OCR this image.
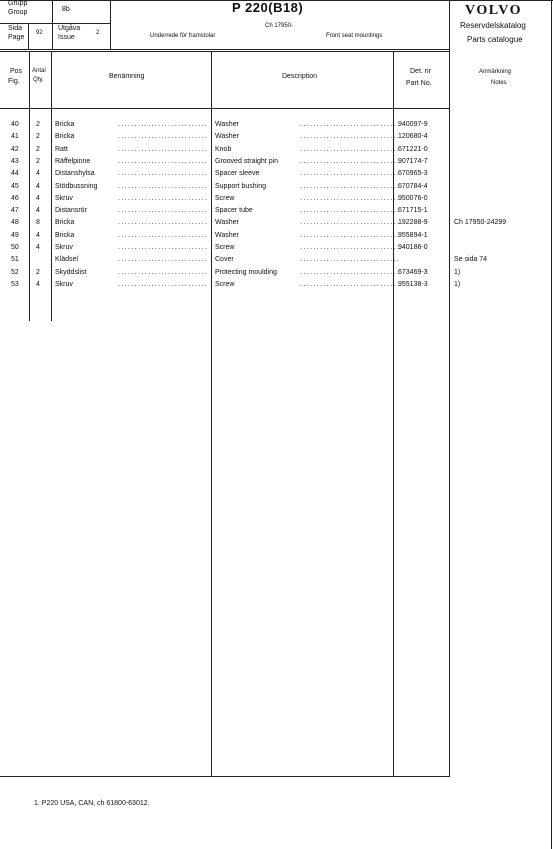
Grupp
Group	8b
Sida
Page
92
Utgåva
Issue
2
P 220(B18)
Ch 17950-
Underrede för framstolar	Front seat mountings
VOLVO
Reservdelskatalog
Parts catalogue
Pos
Fig.
Antal
Qty.	Benämning	Description
Det. nr
Part No.
Anmärkning
Notes
40 2 Bricka	Washer	940097-9
...........................	..............................
41 2 Bricka	Washer	120680-4
...........................	..............................
42 2 Ratt	Knob	671221-0
...........................	..............................
43 2 Räffelpinne	Grooved straight pin	907174-7
...........................	..............................
44 4 Distanshylsa	Spacer sleeve	670965-3
...........................	..............................
45 4 Stödbussning	Support bushing	670784-4
...........................	..............................
46 4 Skruv	Screw	950076-0
...........................	..............................
47 4 Distansrör	Spacer tube	671715-1
...........................	..............................
48 8 Bricka	Washer	192288-9	Ch 17950-24299
...........................	..............................
49 4 Bricka	Washer	955894-1
...........................	..............................
50 4 Skruv	Screw	940186-0
...........................	..............................
51	Klädsel	Cover	Se sida 74
...........................	..............................
52 2 Skyddslist	Protecting moulding	673469-3	1)
...........................	..............................
53 4 Skruv	Screw	955138-3	1)
...........................	..............................
1. P220 USA, CAN, ch 61800-63012.
